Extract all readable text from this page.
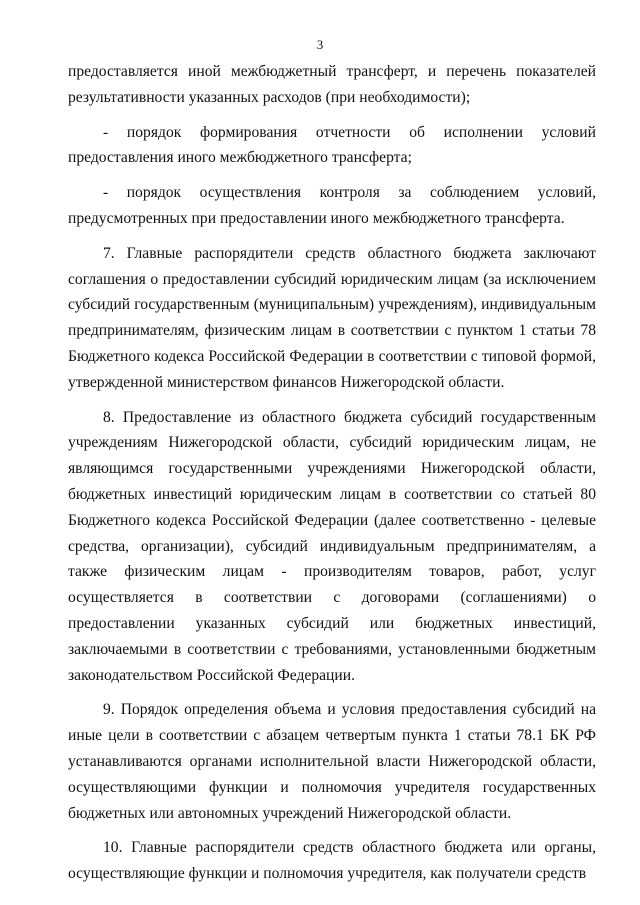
3

предоставляется иной межбюджетный трансферт, и перечень показателей результативности указанных расходов (при необходимости);

- порядок формирования отчетности об исполнении условий предоставления иного межбюджетного трансферта;

- порядок осуществления контроля за соблюдением условий, предусмотренных при предоставлении иного межбюджетного трансферта.

7. Главные распорядители средств областного бюджета заключают соглашения о предоставлении субсидий юридическим лицам (за исключением субсидий государственным (муниципальным) учреждениям), индивидуальным предпринимателям, физическим лицам в соответствии с пунктом 1 статьи 78 Бюджетного кодекса Российской Федерации в соответствии с типовой формой, утвержденной министерством финансов Нижегородской области.

8. Предоставление из областного бюджета субсидий государственным учреждениям Нижегородской области, субсидий юридическим лицам, не являющимся государственными учреждениями Нижегородской области, бюджетных инвестиций юридическим лицам в соответствии со статьей 80 Бюджетного кодекса Российской Федерации (далее соответственно - целевые средства, организации), субсидий индивидуальным предпринимателям, а также физическим лицам - производителям товаров, работ, услуг осуществляется в соответствии с договорами (соглашениями) о предоставлении указанных субсидий или бюджетных инвестиций, заключаемыми в соответствии с требованиями, установленными бюджетным законодательством Российской Федерации.

9. Порядок определения объема и условия предоставления субсидий на иные цели в соответствии с абзацем четвертым пункта 1 статьи 78.1 БК РФ устанавливаются органами исполнительной власти Нижегородской области, осуществляющими функции и полномочия учредителя государственных бюджетных или автономных учреждений Нижегородской области.

10. Главные распорядители средств областного бюджета или органы, осуществляющие функции и полномочия учредителя, как получатели средств
